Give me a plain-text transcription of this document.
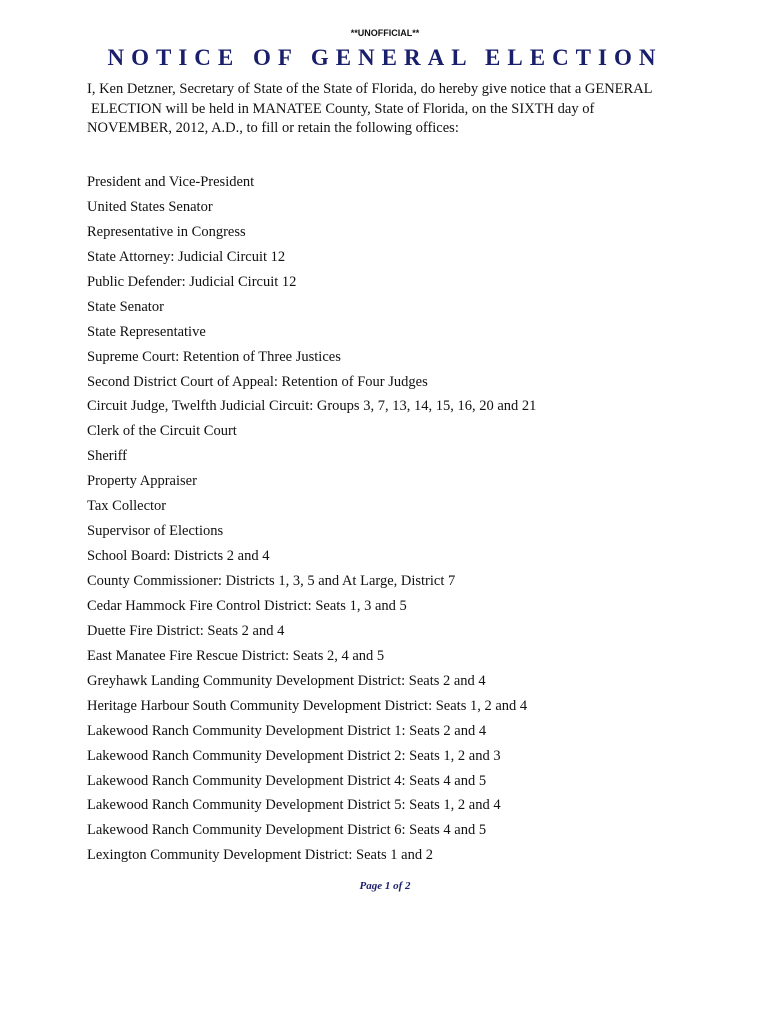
**UNOFFICIAL**
NOTICE OF GENERAL ELECTION
I, Ken Detzner, Secretary of State of the State of Florida, do hereby give notice that a GENERAL
ELECTION will be held in MANATEE County, State of Florida, on the SIXTH day of
NOVEMBER, 2012, A.D., to fill or retain the following offices:
President and Vice-President
United States Senator
Representative in Congress
State Attorney: Judicial Circuit 12
Public Defender: Judicial Circuit 12
State Senator
State Representative
Supreme Court: Retention of Three Justices
Second District Court of Appeal: Retention of Four Judges
Circuit Judge, Twelfth Judicial Circuit: Groups 3, 7, 13, 14, 15, 16, 20 and 21
Clerk of the Circuit Court
Sheriff
Property Appraiser
Tax Collector
Supervisor of Elections
School Board: Districts 2 and 4
County Commissioner: Districts 1, 3, 5 and At Large, District 7
Cedar Hammock Fire Control District: Seats 1, 3 and 5
Duette Fire District: Seats 2 and 4
East Manatee Fire Rescue District: Seats 2, 4 and 5
Greyhawk Landing Community Development District: Seats 2 and 4
Heritage Harbour South Community Development District: Seats 1, 2 and 4
Lakewood Ranch Community Development District 1: Seats 2 and 4
Lakewood Ranch Community Development District 2: Seats 1, 2 and 3
Lakewood Ranch Community Development District 4: Seats 4 and 5
Lakewood Ranch Community Development District 5: Seats 1, 2 and 4
Lakewood Ranch Community Development District 6: Seats 4 and 5
Lexington Community Development District: Seats 1 and 2
Page 1 of 2
